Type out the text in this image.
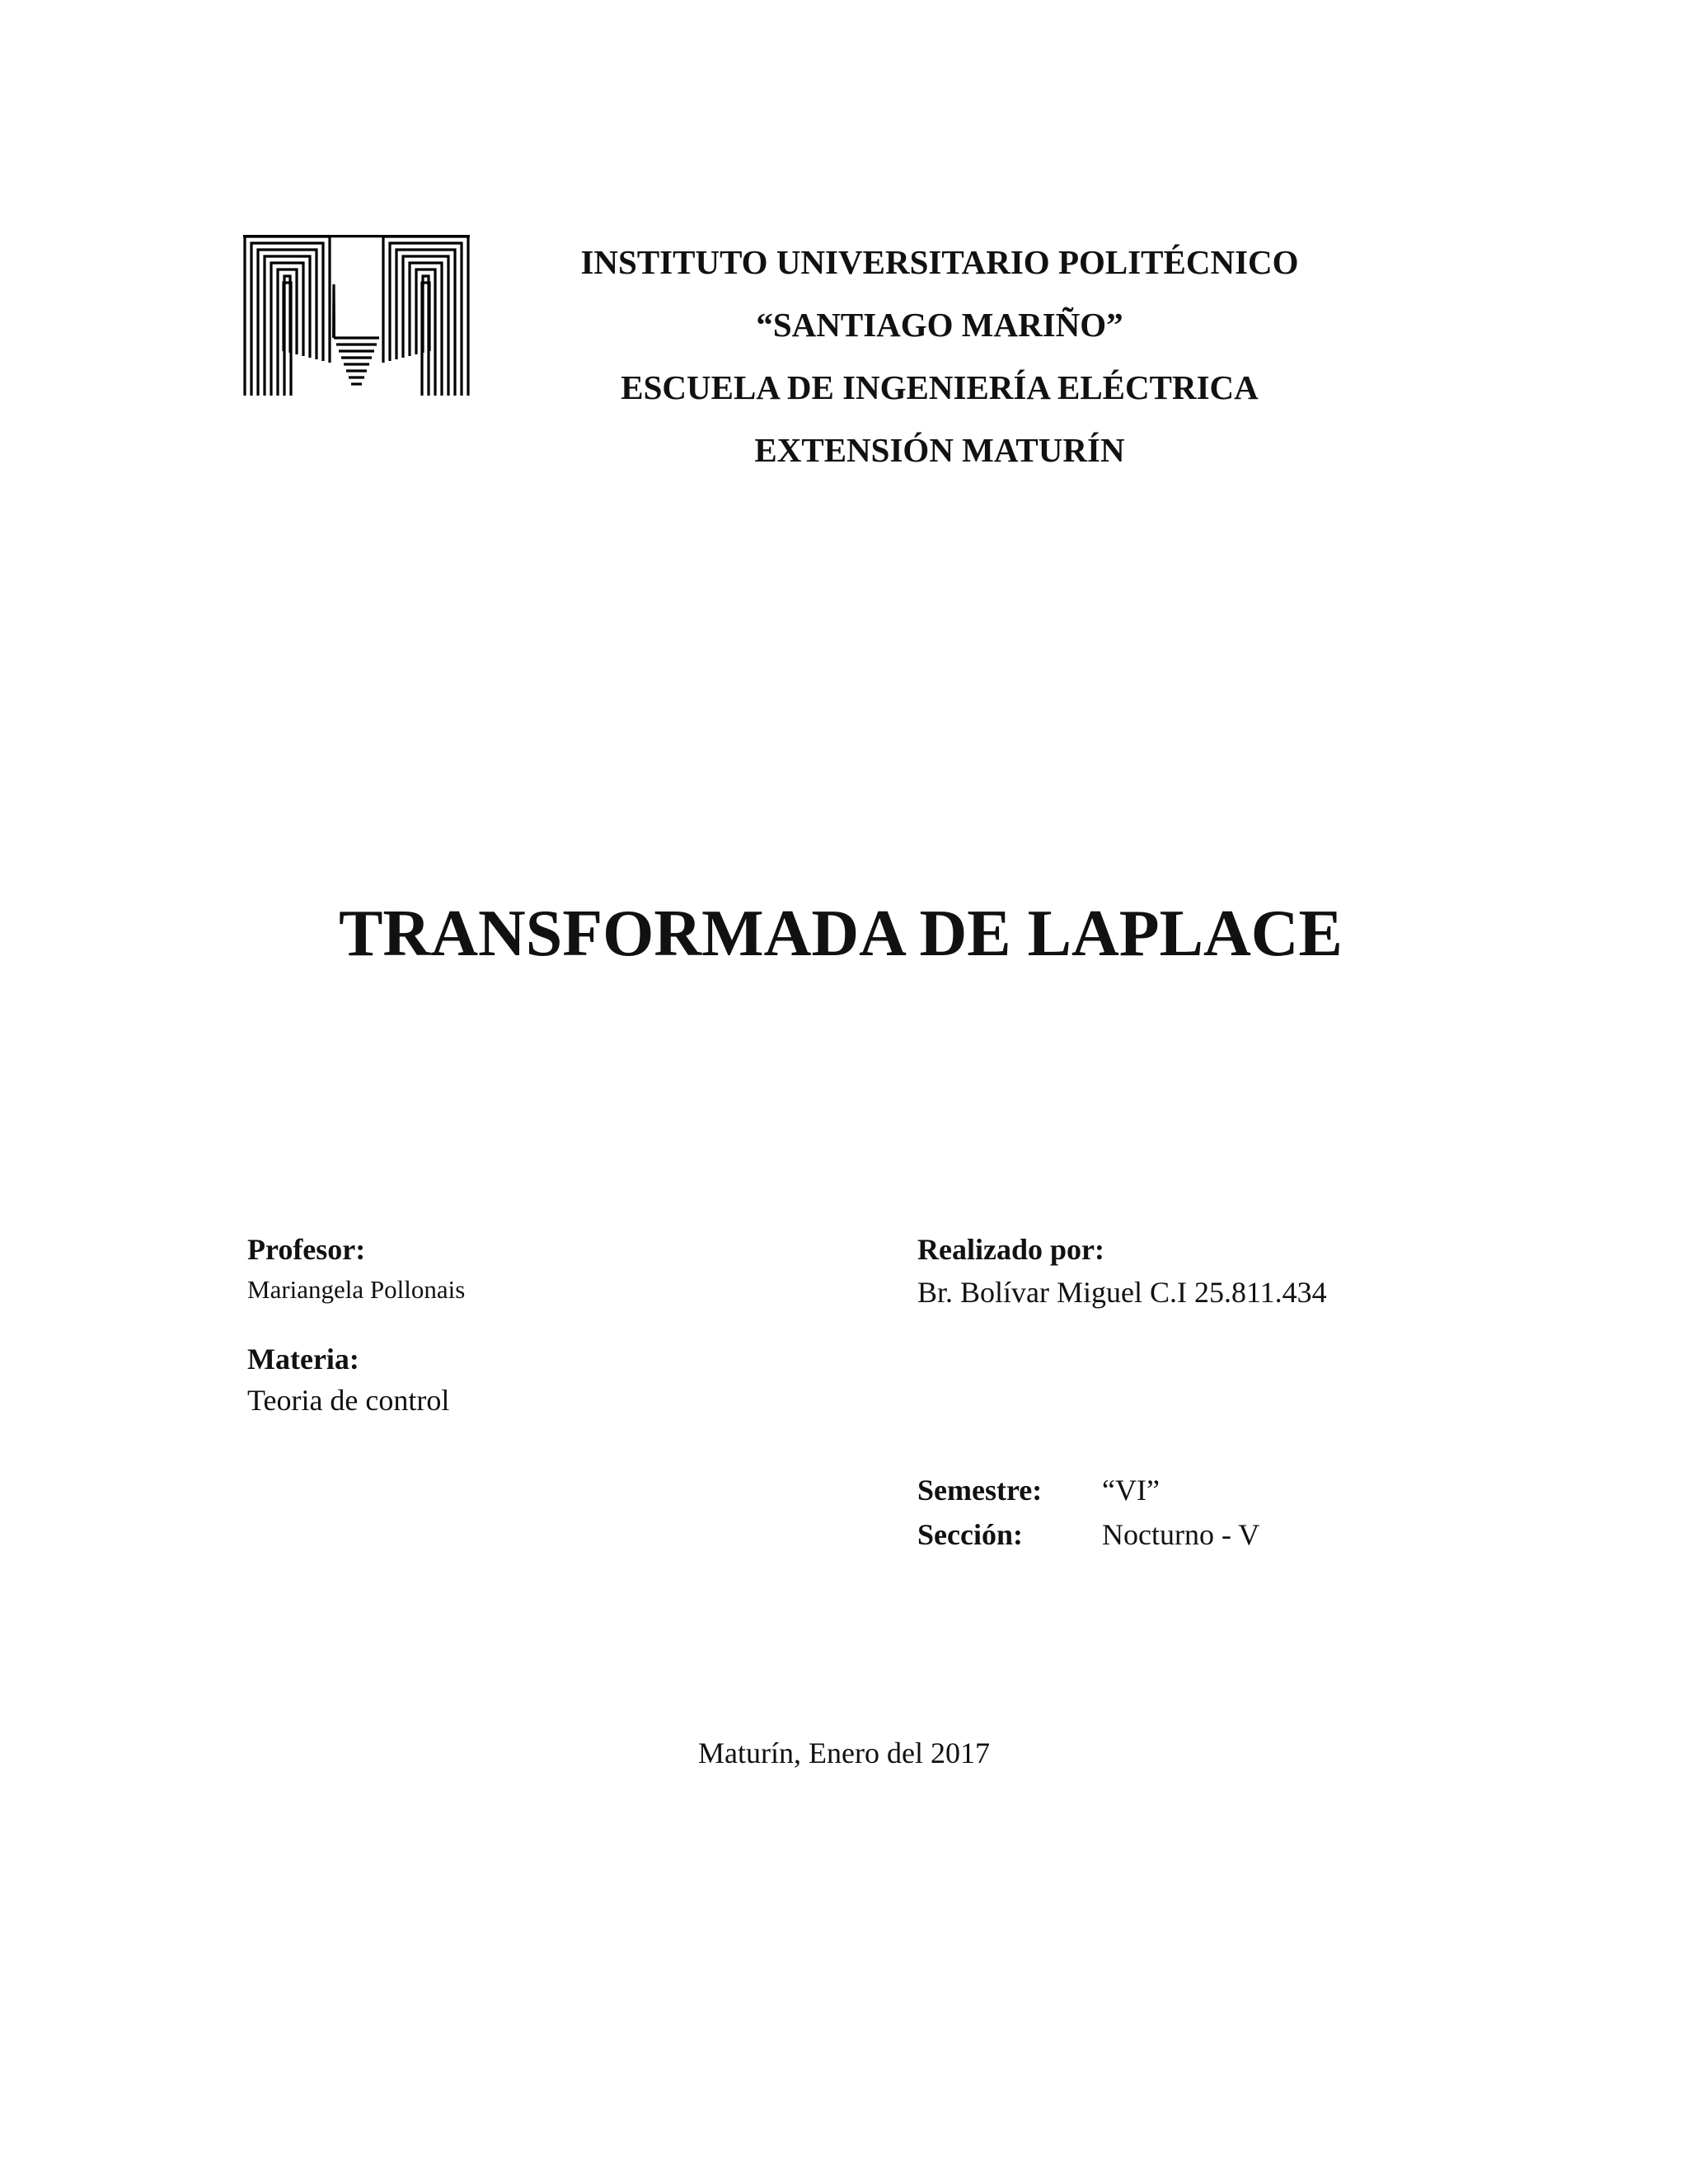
INSTITUTO UNIVERSITARIO POLITÉCNICO
“SANTIAGO MARIÑO”
ESCUELA DE INGENIERÍA ELÉCTRICA
EXTENSIÓN MATURÍN
TRANSFORMADA DE LAPLACE
Profesor:
Mariangela Pollonais
Materia:
Teoria de control
Realizado por:
Br. Bolívar Miguel C.I 25.811.434
Semestre: “VI”
Sección:	Nocturno - V
Maturín, Enero del 2017
